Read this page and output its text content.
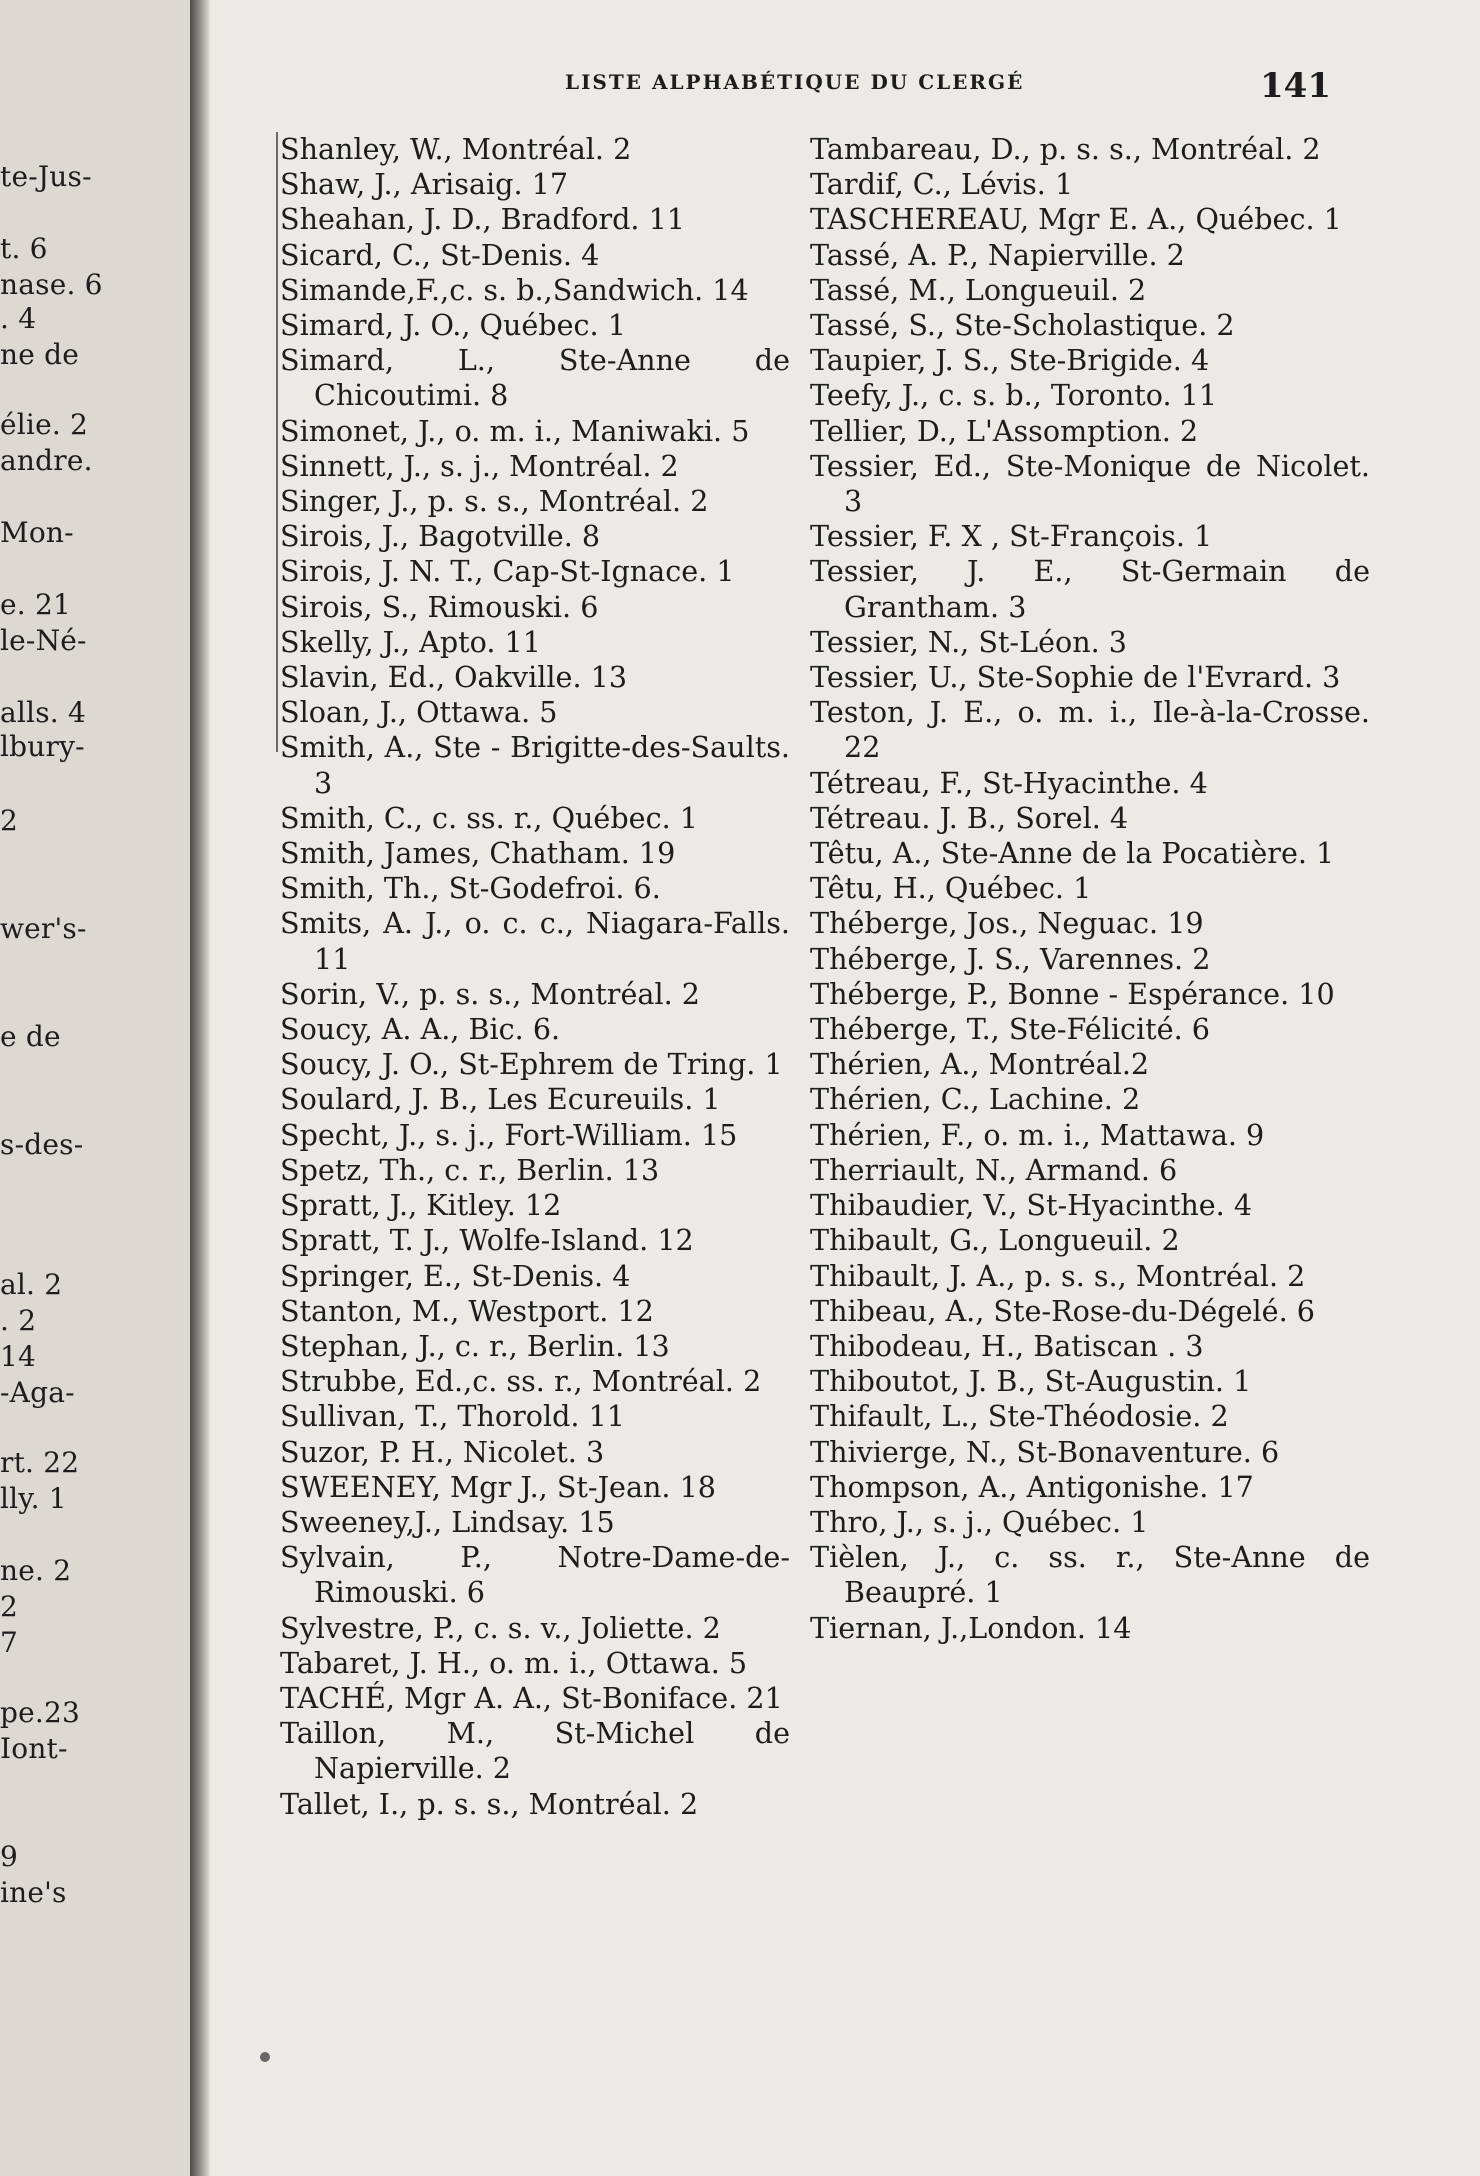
te-Jus-
t. 6
nase. 6
. 4
ne de
élie. 2
andre.
Mon-
e. 21
le-Né-
alls. 4
lbury-
2
wer's-
e de
s-des-
al. 2
. 2
14
-Aga-
rt. 22
lly. 1
ne. 2
2
7
pe.23
Iont-
9
ine's
LISTE ALPHABÉTIQUE DU CLERGÉ	141

Shanley, W., Montréal. 2

Shaw, J., Arisaig. 17

Sheahan, J. D., Bradford. 11

Sicard, C., St-Denis. 4

Simande,F.,c. s. b.,Sandwich. 14

Simard, J. O., Québec. 1

Simard, L., Ste-Anne de Chicoutimi. 8

Simonet, J., o. m. i., Maniwaki. 5

Sinnett, J., s. j., Montréal. 2

Singer, J., p. s. s., Montréal. 2

Sirois, J., Bagotville. 8

Sirois, J. N. T., Cap-St-Ignace. 1

Sirois, S., Rimouski. 6

Skelly, J., Apto. 11

Slavin, Ed., Oakville. 13

Sloan, J., Ottawa. 5

Smith, A., Ste - Brigitte-des-Saults. 3

Smith, C., c. ss. r., Québec. 1

Smith, James, Chatham. 19

Smith, Th., St-Godefroi. 6.

Smits, A. J., o. c. c., Niagara-Falls. 11

Sorin, V., p. s. s., Montréal. 2

Soucy, A. A., Bic. 6.

Soucy, J. O., St-Ephrem de Tring. 1

Soulard, J. B., Les Ecureuils. 1

Specht, J., s. j., Fort-William. 15

Spetz, Th., c. r., Berlin. 13

Spratt, J., Kitley. 12

Spratt, T. J., Wolfe-Island. 12

Springer, E., St-Denis. 4

Stanton, M., Westport. 12

Stephan, J., c. r., Berlin. 13

Strubbe, Ed.,c. ss. r., Montréal. 2

Sullivan, T., Thorold. 11

Suzor, P. H., Nicolet. 3

SWEENEY, Mgr J., St-Jean. 18

Sweeney,J., Lindsay. 15

Sylvain, P., Notre-Dame-de-Rimouski. 6

Sylvestre, P., c. s. v., Joliette. 2

Tabaret, J. H., o. m. i., Ottawa. 5

TACHÉ, Mgr A. A., St-Boniface. 21

Taillon, M., St-Michel de Napierville. 2

Tallet, I., p. s. s., Montréal. 2

Tambareau, D., p. s. s., Montréal. 2

Tardif, C., Lévis. 1

TASCHEREAU, Mgr E. A., Québec. 1

Tassé, A. P., Napierville. 2

Tassé, M., Longueuil. 2

Tassé, S., Ste-Scholastique. 2

Taupier, J. S., Ste-Brigide. 4

Teefy, J., c. s. b., Toronto. 11

Tellier, D., L'Assomption. 2

Tessier, Ed., Ste-Monique de Nicolet. 3

Tessier, F. X , St-François. 1

Tessier, J. E., St-Germain de Grantham. 3

Tessier, N., St-Léon. 3

Tessier, U., Ste-Sophie de l'Evrard. 3

Teston, J. E., o. m. i., Ile-à-la-Crosse. 22

Tétreau, F., St-Hyacinthe. 4

Tétreau. J. B., Sorel. 4

Têtu, A., Ste-Anne de la Pocatière. 1

Têtu, H., Québec. 1

Théberge, Jos., Neguac. 19

Théberge, J. S., Varennes. 2

Théberge, P., Bonne - Espérance. 10

Théberge, T., Ste-Félicité. 6

Thérien, A., Montréal.2

Thérien, C., Lachine. 2

Thérien, F., o. m. i., Mattawa. 9

Therriault, N., Armand. 6

Thibaudier, V., St-Hyacinthe. 4

Thibault, G., Longueuil. 2

Thibault, J. A., p. s. s., Montréal. 2

Thibeau, A., Ste-Rose-du-Dégelé. 6

Thibodeau, H., Batiscan . 3

Thiboutot, J. B., St-Augustin. 1

Thifault, L., Ste-Théodosie. 2

Thivierge, N., St-Bonaventure. 6

Thompson, A., Antigonishe. 17

Thro, J., s. j., Québec. 1

Tièlen, J., c. ss. r., Ste-Anne de Beaupré. 1

Tiernan, J.,London. 14
